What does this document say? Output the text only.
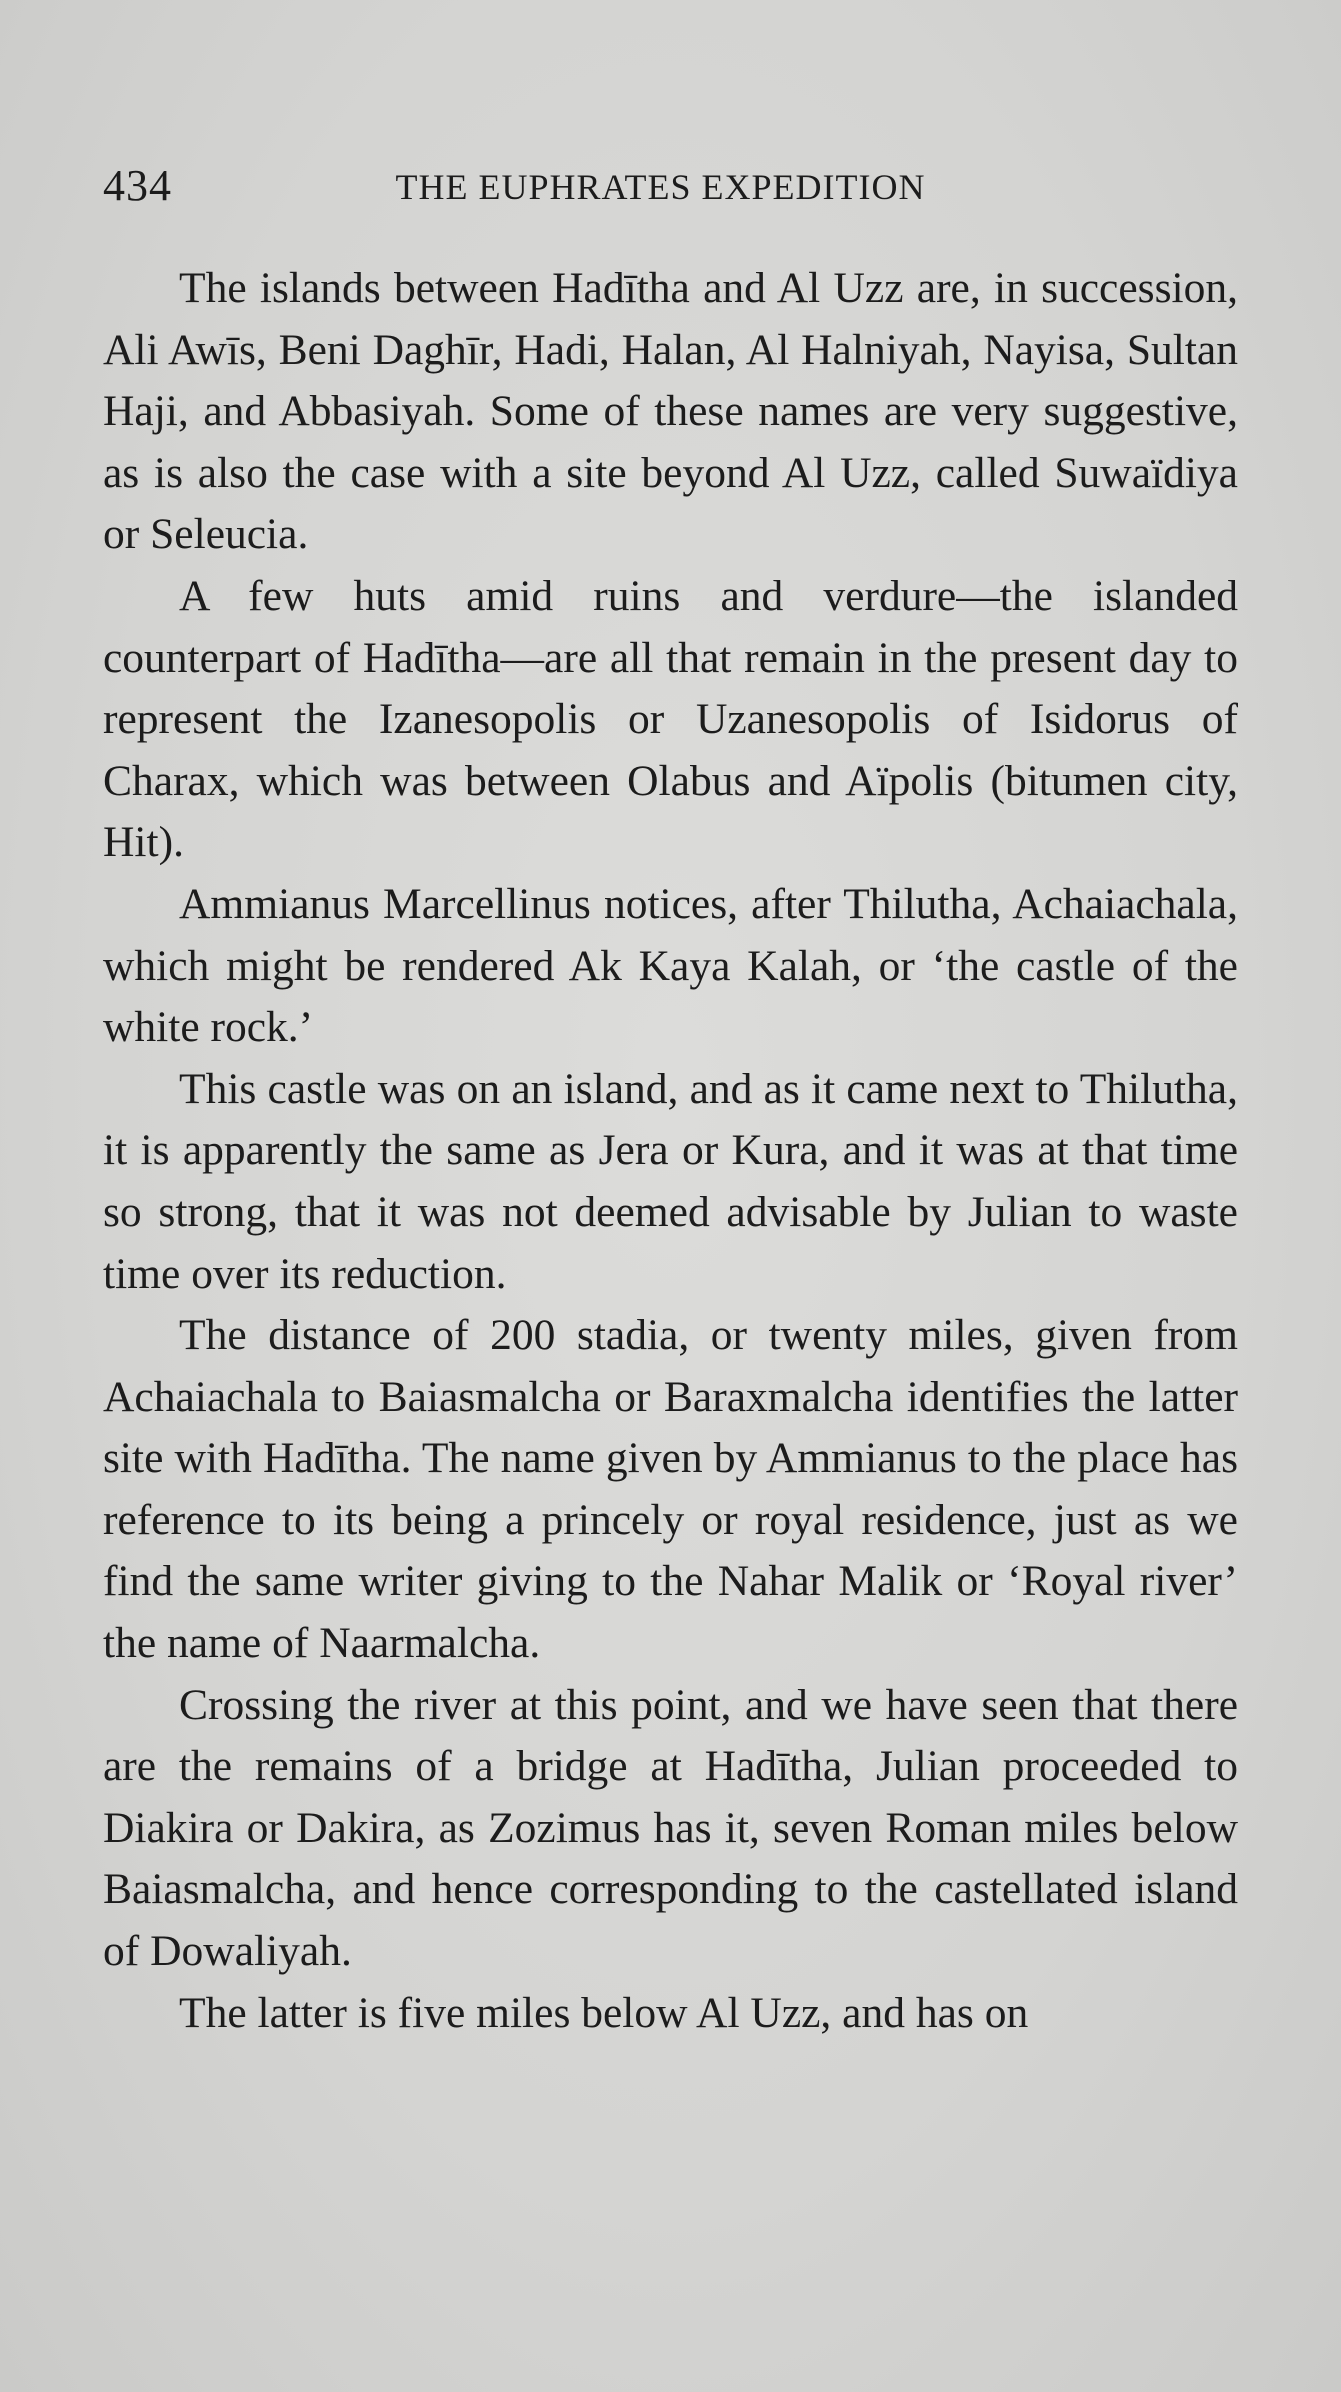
434	THE EUPHRATES EXPEDITION

The islands between Hadītha and Al Uzz are, in succession, Ali Awīs, Beni Daghīr, Hadi, Halan, Al Halniyah, Nayisa, Sultan Haji, and Abbasiyah. Some of these names are very suggestive, as is also the case with a site beyond Al Uzz, called Suwaïdiya or Seleucia.

A few huts amid ruins and verdure—the islanded counterpart of Hadītha—are all that remain in the present day to represent the Izanesopolis or Uzanesopolis of Isidorus of Charax, which was between Olabus and Aïpolis (bitumen city, Hit).

Ammianus Marcellinus notices, after Thilutha, Achaiachala, which might be rendered Ak Kaya Kalah, or ‘the castle of the white rock.’

This castle was on an island, and as it came next to Thilutha, it is apparently the same as Jera or Kura, and it was at that time so strong, that it was not deemed advisable by Julian to waste time over its reduction.

The distance of 200 stadia, or twenty miles, given from Achaiachala to Baiasmalcha or Baraxmalcha identifies the latter site with Hadītha. The name given by Ammianus to the place has reference to its being a princely or royal residence, just as we find the same writer giving to the Nahar Malik or ‘Royal river’ the name of Naarmalcha.

Crossing the river at this point, and we have seen that there are the remains of a bridge at Hadītha, Julian proceeded to Diakira or Dakira, as Zozimus has it, seven Roman miles below Baiasmalcha, and hence corresponding to the castellated island of Dowaliyah.

The latter is five miles below Al Uzz, and has on
